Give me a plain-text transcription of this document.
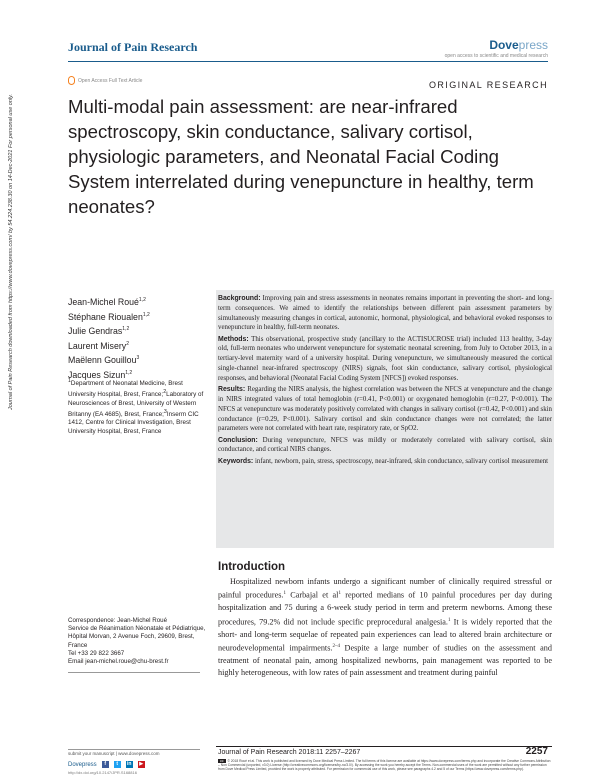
Journal of Pain Research	Dovepress
open access to scientific and medical research
Open Access Full Text Article	ORIGINAL RESEARCH
Multi-modal pain assessment: are near-infrared spectroscopy, skin conductance, salivary cortisol, physiologic parameters, and Neonatal Facial Coding System interrelated during venepuncture in healthy, term neonates?
Journal of Pain Research downloaded from https://www.dovepress.com/ by 54.224.238.30 on 14-Dec-2021 For personal use only.	Jean-Michel Roué$^{1,2}$
Stéphane Rioualen$^{1,2}$
Julie Gendras$^{1,2}$
Laurent Misery$^2$
Maëlenn Gouillou$^3$
Jacques Sizun$^{1,2}$
$^1$Department of Neonatal Medicine, Brest University Hospital, Brest, France;$^2$Laboratory of Neurosciences of Brest, University of Western Britanny (EA 4685), Brest, France;$^3$Inserm CIC 1412, Centre for Clinical Investigation, Brest University Hospital, Brest, France
Correspondence: Jean-Michel Roué
Service de Réanimation Néonatale et Pédiatrique, Hôpital Morvan, 2 Avenue Foch, 29609, Brest, France
Tel +33 29 822 3667
Email jean-michel.roue@chu-brest.fr

Background: Improving pain and stress assessments in neonates remains important in preventing the short- and long-term consequences. We aimed to identify the relationships between different pain assessment parameters by simultaneously measuring changes in cortical, autonomic, hormonal, physiological, and behavioral evoked responses to venepuncture in healthy, full-term neonates.

Methods: This observational, prospective study (ancillary to the ACTISUCROSE trial) included 113 healthy, 3-day old, full-term neonates who underwent venepuncture for systematic neonatal screening, from July to October 2013, in a tertiary-level maternity ward of a university hospital. During venepuncture, we simultaneously measured the cortical single-channel near-infrared spectroscopy (NIRS) signals, foot skin conductance, salivary cortisol, physiological responses, and behavioral (Neonatal Facial Coding System [NFCS]) evoked responses.

Results: Regarding the NIRS analysis, the highest correlation was between the NFCS at venepuncture and the change in NIRS integrated values of total hemoglobin (r=0.41, P<0.001) or oxygenated hemoglobin (r=0.27, P<0.001). The NFCS at venepuncture was moderately positively correlated with changes in salivary cortisol (r=0.42, P<0.001) and skin conductance (r=0.29, P<0.001). Salivary cortisol and skin conductance changes were not correlated; the latter parameters were not correlated with heart rate, respiratory rate, or SpO2.

Conclusion: During venepuncture, NFCS was mildly or moderately correlated with salivary cortisol, skin conductance, and cortical NIRS changes.

Keywords: infant, newborn, pain, stress, spectroscopy, near-infrared, skin conductance, salivary cortisol measurement

Introduction
Hospitalized newborn infants undergo a significant number of clinically required stressful or painful procedures.$^1$ Carbajal et $al^1$ reported medians of 10 painful procedures per day during hospitalization and 75 during a 6-week study period in term and preterm newborns. Among these procedures, 79.2% did not include specific preprocedural analgesia.$^1$ It is widely reported that the short- and long-term sequelae of repeated pain experiences can lead to altered brain architecture or neurodevelopmental impairments.$^{2-4}$ Despite a large number of studies on the assessment and treatment of neonatal pain, among hospitalized newborns, pain management was reported to be highly heterogeneous, with low rates of pain assessment and treatment during painful
submit your manuscript | www.dovepress.com
Dovepress	f	t	in	▶
http://dx.doi.org/10.2147/JPR.S168816
Journal of Pain Research 2018:11 2257–2267	2257
cc © 2018 Roué et al. This work is published and licensed by Dove Medical Press Limited. The full terms of this license are available at https://www.dovepress.com/terms.php and incorporate the Creative Commons Attribution – Non Commercial (unported, v3.0) License (http://creativecommons.org/licenses/by-nc/3.0/). By accessing the work you hereby accept the Terms. Non-commercial uses of the work are permitted without any further permission from Dove Medical Press Limited, provided the work is properly attributed. For permission for commercial use of this work, please see paragraphs 4.2 and 5 of our Terms (https://www.dovepress.com/terms.php).
